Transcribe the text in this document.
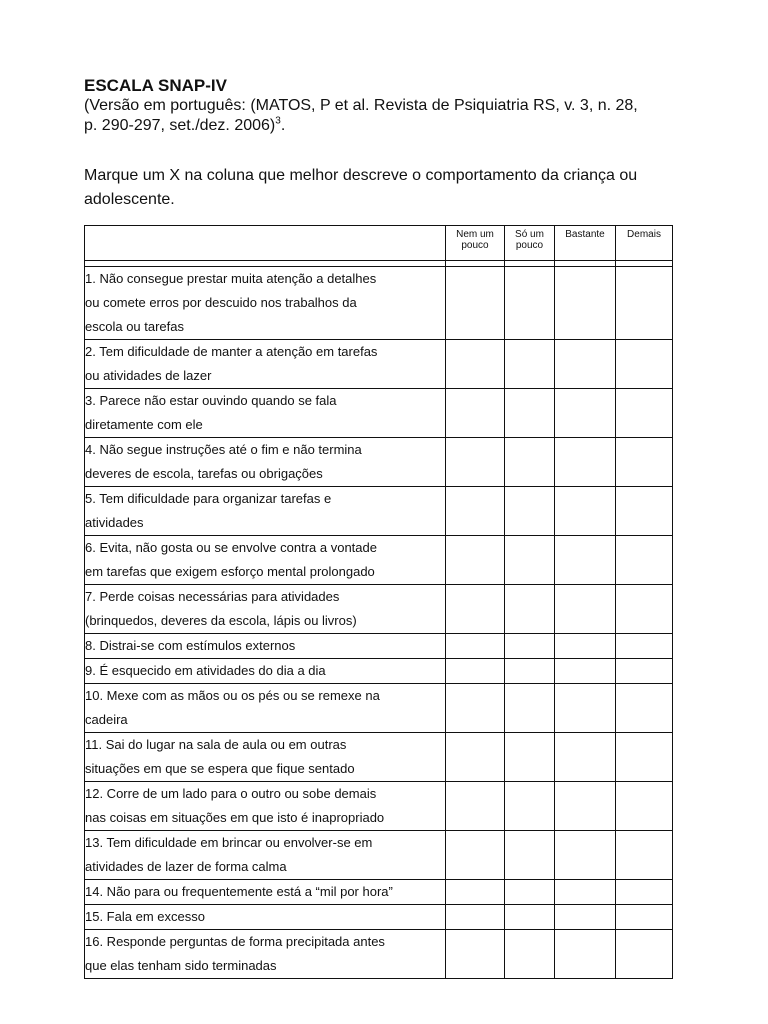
ESCALA SNAP-IV

(Versão em português: (MATOS, P et al. Revista de Psiquiatria RS, v. 3, n. 28,
p. 290-297, set./dez. 2006)$^3$.

Marque um X na coluna que melhor descreve o comportamento da criança ou
adolescente.

	Nem um
pouco	Só um
pouco	Bastante	Demais

1. Não consegue prestar muita atenção a detalhes
ou comete erros por descuido nos trabalhos da
escola ou tarefas				
2. Tem dificuldade de manter a atenção em tarefas
ou atividades de lazer				
3. Parece não estar ouvindo quando se fala
diretamente com ele				
4. Não segue instruções até o fim e não termina
deveres de escola, tarefas ou obrigações				
5. Tem dificuldade para organizar tarefas e
atividades				
6. Evita, não gosta ou se envolve contra a vontade
em tarefas que exigem esforço mental prolongado				
7. Perde coisas necessárias para atividades
(brinquedos, deveres da escola, lápis ou livros)				
8. Distrai-se com estímulos externos				
9. É esquecido em atividades do dia a dia				
10. Mexe com as mãos ou os pés ou se remexe na
cadeira				
11. Sai do lugar na sala de aula ou em outras
situações em que se espera que fique sentado				
12. Corre de um lado para o outro ou sobe demais
nas coisas em situações em que isto é inapropriado				
13. Tem dificuldade em brincar ou envolver-se em
atividades de lazer de forma calma				
14. Não para ou frequentemente está a “mil por hora”				
15. Fala em excesso				
16. Responde perguntas de forma precipitada antes
que elas tenham sido terminadas				
